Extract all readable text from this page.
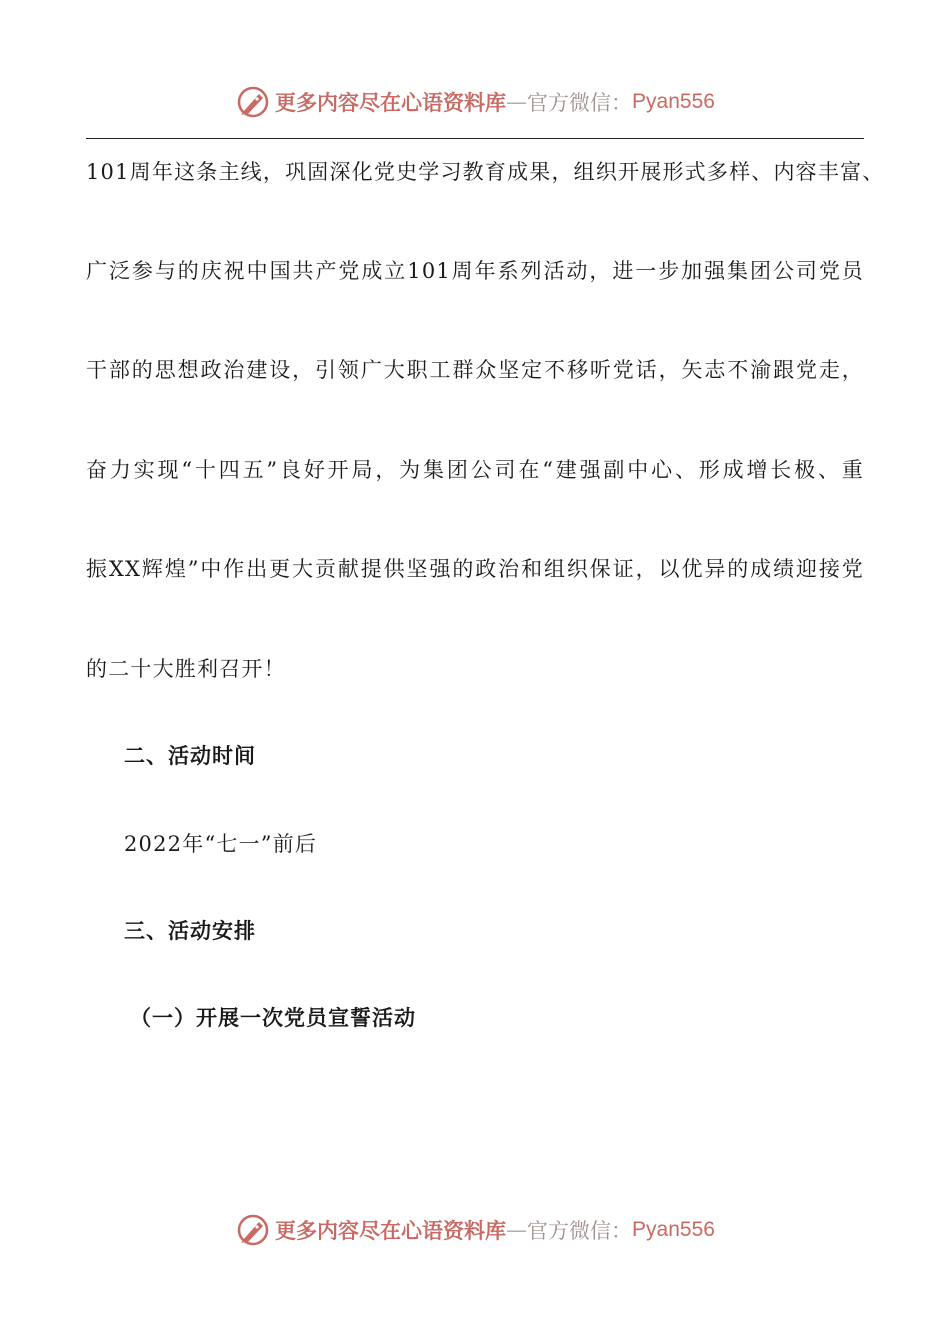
更多内容尽在心语资料库 — 官方微信： Pyan556
101周年这条主线，巩固深化党史学习教育成果，组织开展形式多样、内容丰富、
广泛参与的庆祝中国共产党成立101周年系列活动，进一步加强集团公司党员
干部的思想政治建设，引领广大职工群众坚定不移听党话，矢志不渝跟党走，
奋力实现“十四五”良好开局，为集团公司在“建强副中心、形成增长极、重
振XX辉煌”中作出更大贡献提供坚强的政治和组织保证，以优异的成绩迎接党
的二十大胜利召开！
二、活动时间
2022年“七一”前后
三、活动安排
（一）开展一次党员宣誓活动
更多内容尽在心语资料库 — 官方微信： Pyan556
